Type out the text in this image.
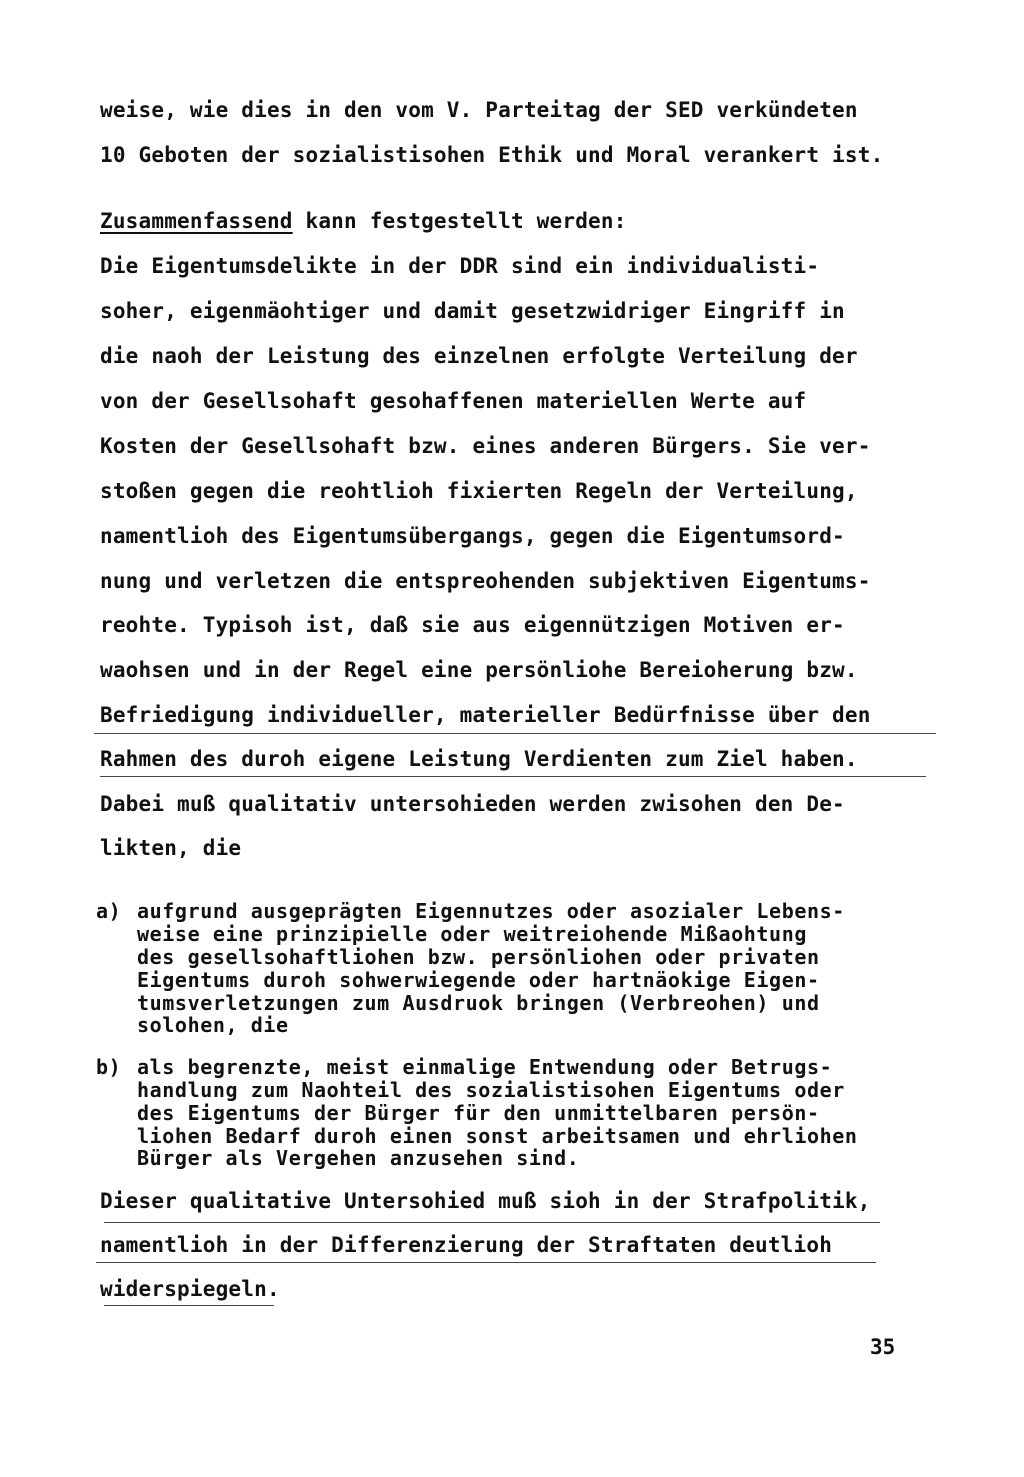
weise, wie dies in den vom V. Parteitag der SED verkündeten
10 Geboten der sozialistisohen Ethik und Moral verankert ist.
Zusammenfassend kann festgestellt werden:
Die Eigentumsdelikte in der DDR sind ein individualisti-
soher, eigenmäohtiger und damit gesetzwidriger Eingriff in
die naoh der Leistung des einzelnen erfolgte Verteilung der
von der Gesellsohaft gesohaffenen materiellen Werte auf
Kosten der Gesellsohaft bzw. eines anderen Bürgers. Sie ver-
stoßen gegen die reohtlioh fixierten Regeln der Verteilung,
namentlioh des Eigentumsübergangs, gegen die Eigentumsord-
nung und verletzen die entspreohenden subjektiven Eigentums-
reohte. Typisoh ist, daß sie aus eigennützigen Motiven er-
waohsen und in der Regel eine persönliohe Bereioherung bzw.
Befriedigung individueller, materieller Bedürfnisse über den
Rahmen des duroh eigene Leistung Verdienten zum Ziel haben.
Dabei muß qualitativ untersohieden werden zwisohen den De-
likten, die
a) aufgrund ausgeprägten Eigennutzes oder asozialer Lebens-
weise eine prinzipielle oder weitreiohende Mißaohtung
des gesellsohaftliohen bzw. persönliohen oder privaten
Eigentums duroh sohwerwiegende oder hartnäokige Eigen-
tumsverletzungen zum Ausdruok bringen (Verbreohen) und
solohen, die
b) als begrenzte, meist einmalige Entwendung oder Betrugs-
handlung zum Naohteil des sozialistisohen Eigentums oder
des Eigentums der Bürger für den unmittelbaren persön-
liohen Bedarf duroh einen sonst arbeitsamen und ehrliohen
Bürger als Vergehen anzusehen sind.
Dieser qualitative Untersohied muß sioh in der Strafpolitik,
namentlioh in der Differenzierung der Straftaten deutlioh
widerspiegeln.
35
